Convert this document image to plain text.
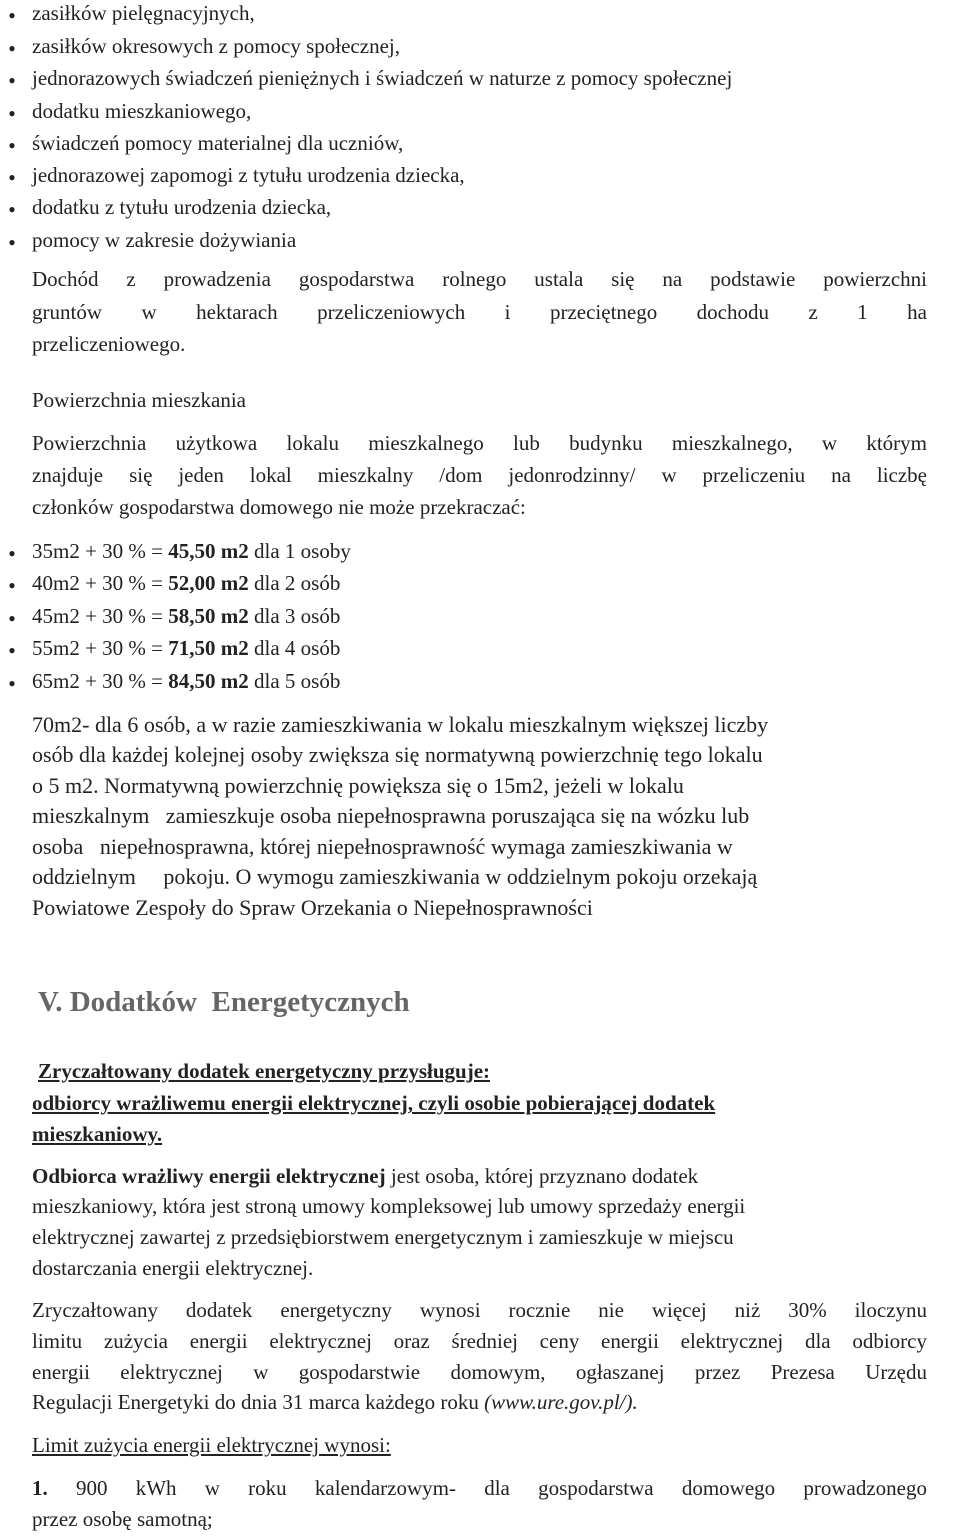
• zasiłków pielęgnacyjnych,

• zasiłków okresowych z pomocy społecznej,

• jednorazowych świadczeń pieniężnych i świadczeń w naturze z pomocy społecznej

• dodatku mieszkaniowego,

• świadczeń pomocy materialnej dla uczniów,

• jednorazowej zapomogi z tytułu urodzenia dziecka,

• dodatku z tytułu urodzenia dziecka,

• pomocy w zakresie dożywiania

Dochód z prowadzenia gospodarstwa rolnego ustala się na podstawie powierzchni

gruntów w hektarach przeliczeniowych i przeciętnego dochodu z 1 ha

przeliczeniowego.

Powierzchnia mieszkania

Powierzchnia użytkowa lokalu mieszkalnego lub budynku mieszkalnego, w którym

znajduje się jeden lokal mieszkalny /dom jedonrodzinny/ w przeliczeniu na liczbę

członków gospodarstwa domowego nie może przekraczać:

• 35m2 + 30 % = 45,50 m2 dla 1 osoby

• 40m2 + 30 % = 52,00 m2 dla 2 osób

• 45m2 + 30 % = 58,50 m2 dla 3 osób

• 55m2 + 30 % = 71,50 m2 dla 4 osób

• 65m2 + 30 % = 84,50 m2 dla 5 osób

70m2- dla 6 osób, a w razie zamieszkiwania w lokalu mieszkalnym większej liczby

osób dla każdej kolejnej osoby zwiększa się normatywną powierzchnię tego lokalu

o 5 m2. Normatywną powierzchnię powiększa się o 15m2, jeżeli w lokalu

mieszkalnym   zamieszkuje osoba niepełnosprawna poruszająca się na wózku lub

osoba   niepełnosprawna, której niepełnosprawność wymaga zamieszkiwania w

oddzielnym     pokoju. O wymogu zamieszkiwania w oddzielnym pokoju orzekają

Powiatowe Zespoły do Spraw Orzekania o Niepełnosprawności

V. Dodatków  Energetycznych

Zryczałtowany dodatek energetyczny przysługuje:

odbiorcy wrażliwemu energii elektrycznej, czyli osobie pobierającej dodatek

mieszkaniowy.

Odbiorca wrażliwy energii elektrycznej jest osoba, której przyznano dodatek

mieszkaniowy, która jest stroną umowy kompleksowej lub umowy sprzedaży energii

elektrycznej zawartej z przedsiębiorstwem energetycznym i zamieszkuje w miejscu

dostarczania energii elektrycznej.

Zryczałtowany dodatek energetyczny wynosi rocznie nie więcej niż 30% iloczynu

limitu zużycia energii elektrycznej oraz średniej ceny energii elektrycznej dla odbiorcy

energii elektrycznej w gospodarstwie domowym, ogłaszanej przez Prezesa Urzędu

Regulacji Energetyki do dnia 31 marca każdego roku (www.ure.gov.pl/).

Limit zużycia energii elektrycznej wynosi:

1. 900 kWh w roku kalendarzowym- dla gospodarstwa domowego prowadzonego

przez osobę samotną;
